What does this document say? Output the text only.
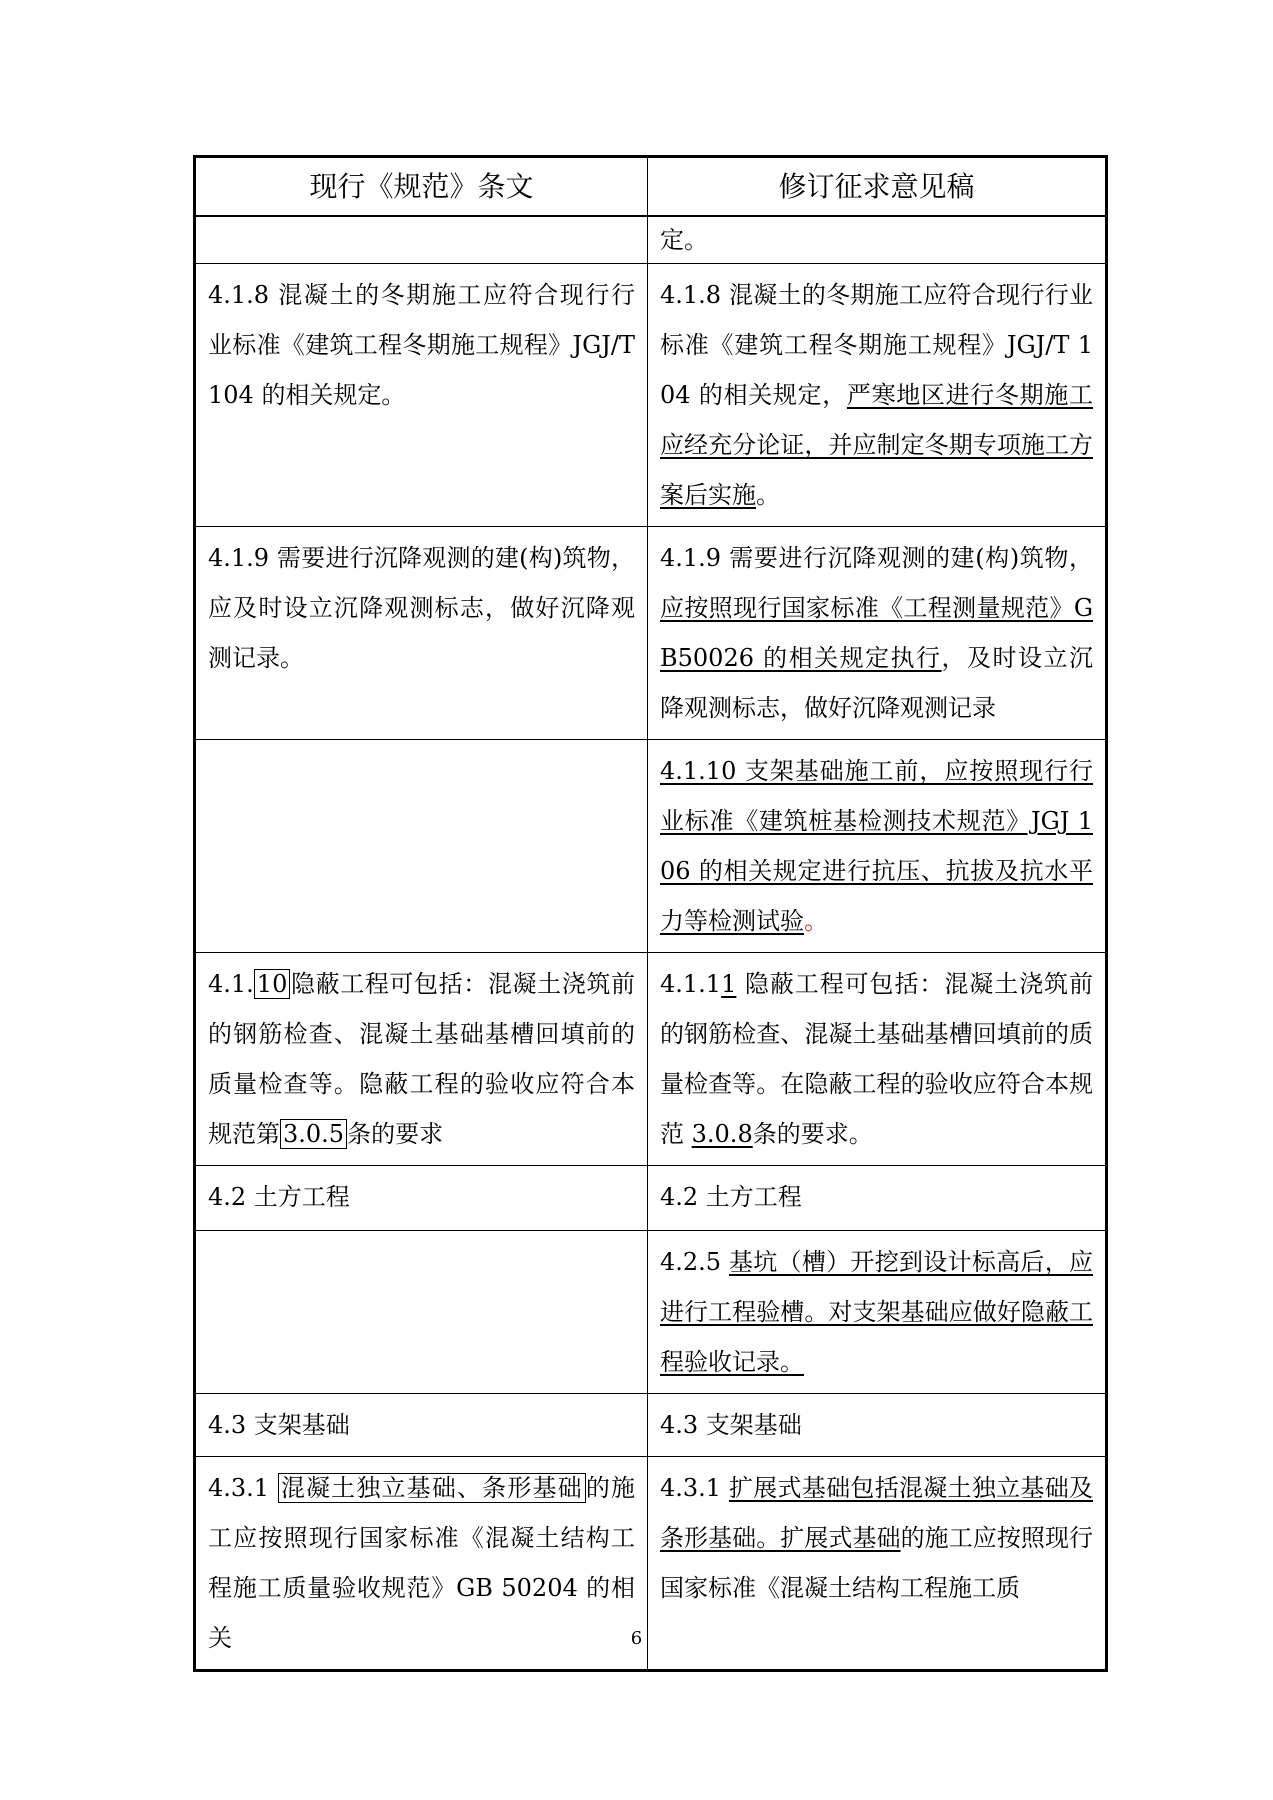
现行《规范》条文	修订征求意见稿
	定。
4.1.8 混凝土的冬期施工应符合现行行业标准《建筑工程冬期施工规程》JGJ/T 104 的相关规定。	4.1.8 混凝土的冬期施工应符合现行行业标准《建筑工程冬期施工规程》JGJ/T 104 的相关规定，严寒地区进行冬期施工应经充分论证，并应制定冬期专项施工方案后实施。
4.1.9 需要进行沉降观测的建(构)筑物，应及时设立沉降观测标志，做好沉降观测记录。	4.1.9 需要进行沉降观测的建(构)筑物，应按照现行国家标准《工程测量规范》GB50026 的相关规定执行，及时设立沉降观测标志，做好沉降观测记录
	4.1.10 支架基础施工前，应按照现行行业标准《建筑桩基检测技术规范》JGJ 106 的相关规定进行抗压、抗拔及抗水平力等检测试验。
4.1. 10 隐蔽工程可包括：混凝土浇筑前的钢筋检查、混凝土基础基槽回填前的质量检查等。隐蔽工程的验收应符合本规范第 3.0.5 条的要求	4.1.11 隐蔽工程可包括：混凝土浇筑前的钢筋检查、混凝土基础基槽回填前的质量检查等。在隐蔽工程的验收应符合本规范 3.0.8条的要求。
4.2 土方工程	4.2 土方工程
	4.2.5 基坑（槽）开挖到设计标高后，应进行工程验槽。对支架基础应做好隐蔽工程验收记录。
4.3 支架基础	4.3 支架基础
4.3.1 混凝土独立基础、条形基础 的施工应按照现行国家标准《混凝土结构工程施工质量验收规范》GB 50204 的相关	4.3.1 扩展式基础包括混凝土独立基础及条形基础。扩展式基础的施工应按照现行国家标准《混凝土结构工程施工质
6
